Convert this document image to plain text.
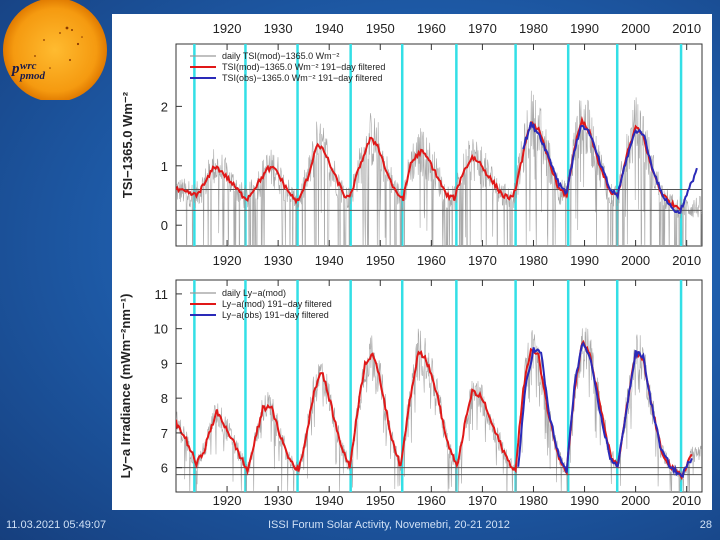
p wrc
pmod
0
1
2
1920
1920
1930
1930
1940
1940
1950
1950
1960
1960
1970
1970
1980
1980
1990
1990
2000
2000
2010
2010
TSI−1365.0 Wm⁻²
daily TSI(mod)−1365.0 Wm⁻²
TSI(mod)−1365.0 Wm⁻² 191−day filtered
TSI(obs)−1365.0 Wm⁻² 191−day filtered
6
7
8
9
10
11
1920 1930 1940 1950 1960 1970 1980 1990 2000 2010
Ly−a Irradiance (mWm⁻²nm⁻¹)
daily Ly−a(mod)
Ly−a(mod) 191−day filtered
Ly−a(obs) 191−day filtered
11.03.2021 05:49:07	ISSI Forum Solar Activity, Novemebri, 20-21 2012	28
